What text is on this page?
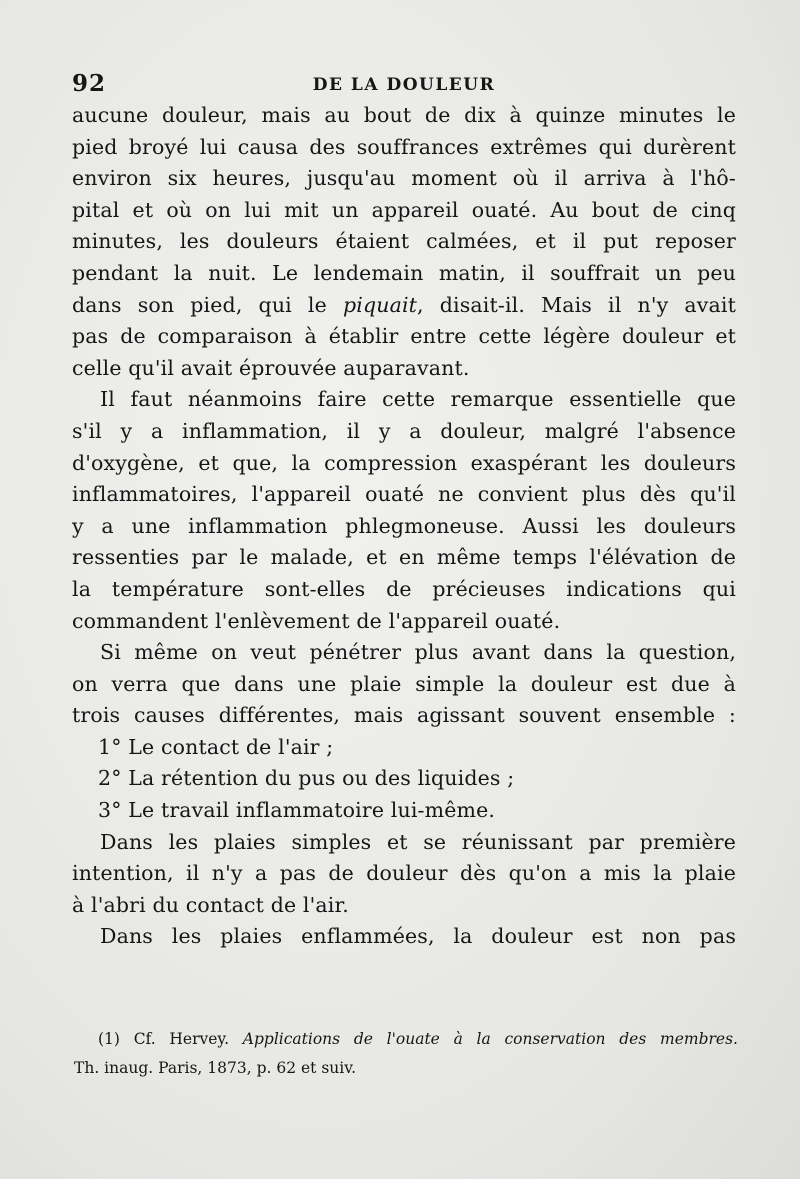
92	DE LA DOULEUR
aucune douleur, mais au bout de dix à quinze minutes le
pied broyé lui causa des souffrances extrêmes qui durèrent
environ six heures, jusqu'au moment où il arriva à l'hô-
pital et où on lui mit un appareil ouaté. Au bout de cinq
minutes, les douleurs étaient calmées, et il put reposer
pendant la nuit. Le lendemain matin, il souffrait un peu
dans son pied, qui le piquait, disait-il. Mais il n'y avait
pas de comparaison à établir entre cette légère douleur et
celle qu'il avait éprouvée auparavant.
Il faut néanmoins faire cette remarque essentielle que
s'il y a inflammation, il y a douleur, malgré l'absence
d'oxygène, et que, la compression exaspérant les douleurs
inflammatoires, l'appareil ouaté ne convient plus dès qu'il
y a une inflammation phlegmoneuse. Aussi les douleurs
ressenties par le malade, et en même temps l'élévation de
la température sont-elles de précieuses indications qui
commandent l'enlèvement de l'appareil ouaté.
Si même on veut pénétrer plus avant dans la question,
on verra que dans une plaie simple la douleur est due à
trois causes différentes, mais agissant souvent ensemble :
1° Le contact de l'air ;
2° La rétention du pus ou des liquides ;
3° Le travail inflammatoire lui-même.
Dans les plaies simples et se réunissant par première
intention, il n'y a pas de douleur dès qu'on a mis la plaie
à l'abri du contact de l'air.
Dans les plaies enflammées, la douleur est non pas
(1) Cf. Hervey. Applications de l'ouate à la conservation des membres.
Th. inaug. Paris, 1873, p. 62 et suiv.
